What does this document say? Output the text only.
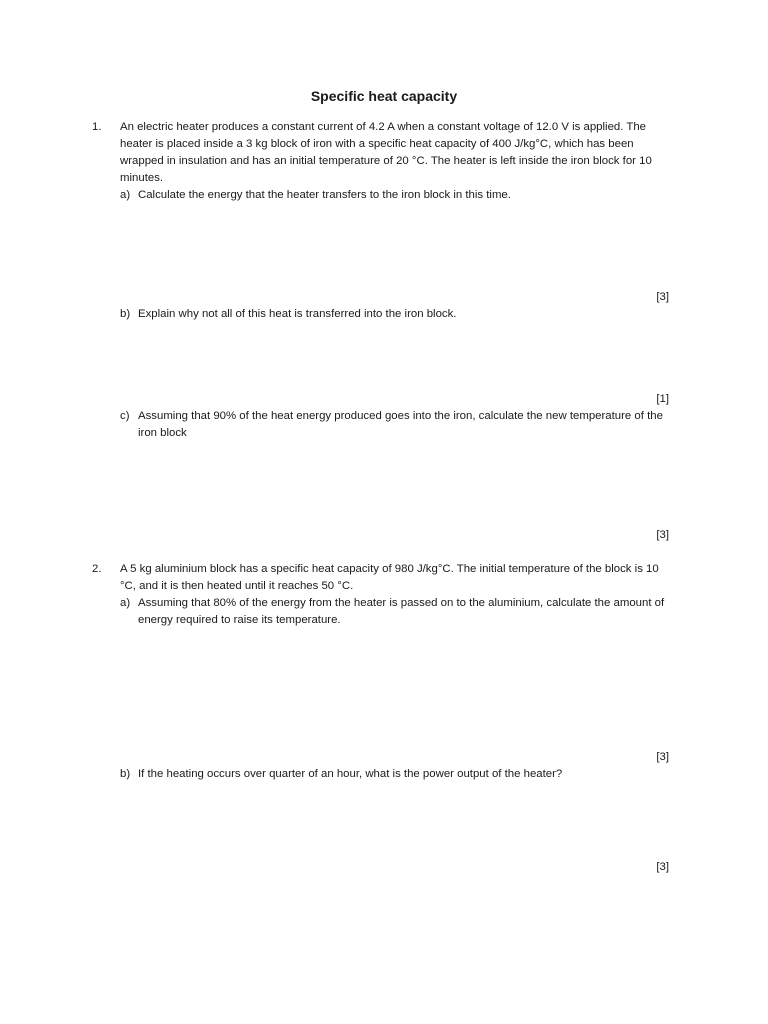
Specific heat capacity
1. An electric heater produces a constant current of 4.2 A when a constant voltage of 12.0 V is applied. The heater is placed inside a 3 kg block of iron with a specific heat capacity of 400 J/kg°C, which has been wrapped in insulation and has an initial temperature of 20 °C. The heater is left inside the iron block for 10 minutes.
a) Calculate the energy that the heater transfers to the iron block in this time.
[3]
b) Explain why not all of this heat is transferred into the iron block.
[1]
c) Assuming that 90% of the heat energy produced goes into the iron, calculate the new temperature of the iron block
[3]
2. A 5 kg aluminium block has a specific heat capacity of 980 J/kg°C. The initial temperature of the block is 10 °C, and it is then heated until it reaches 50 °C.
a) Assuming that 80% of the energy from the heater is passed on to the aluminium, calculate the amount of energy required to raise its temperature.
[3]
b) If the heating occurs over quarter of an hour, what is the power output of the heater?
[3]
